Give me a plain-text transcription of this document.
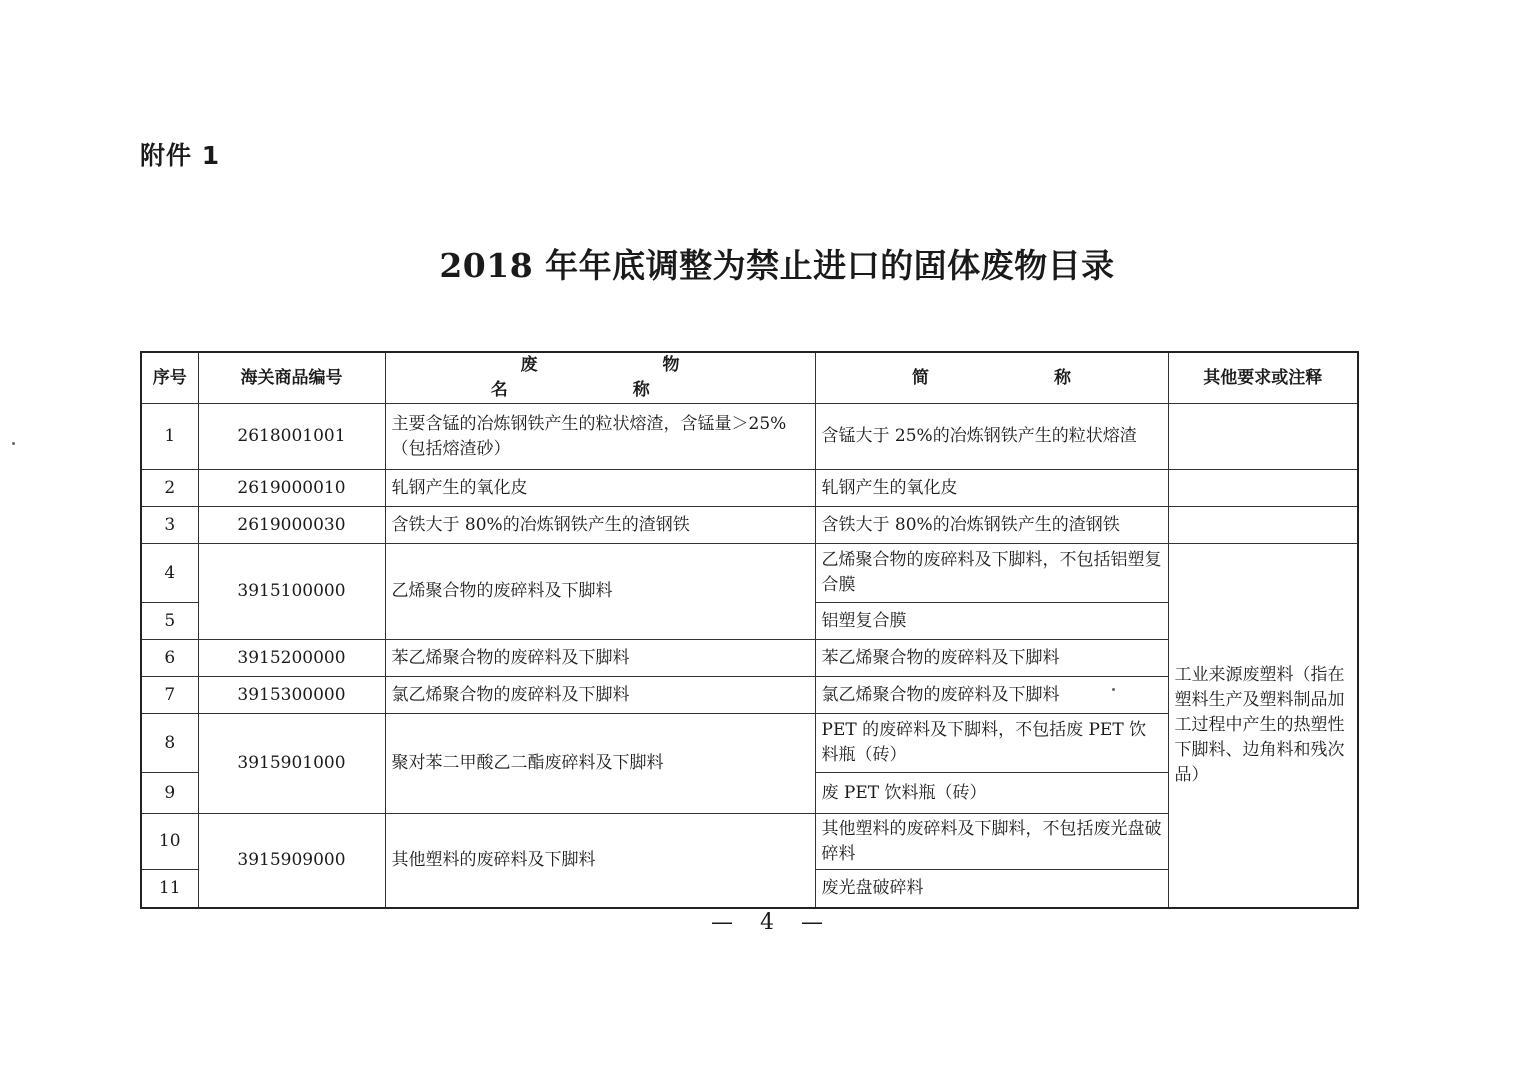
附件 1
2018 年年底调整为禁止进口的固体废物目录
序号	海关商品编号	废 物 名 称	简 称	其他要求或注释
1	2618001001	主要含锰的冶炼钢铁产生的粒状熔渣，含锰量＞25%（包括熔渣砂）	含锰大于 25%的冶炼钢铁产生的粒状熔渣	
2	2619000010	轧钢产生的氧化皮	轧钢产生的氧化皮	
3	2619000030	含铁大于 80%的冶炼钢铁产生的渣钢铁	含铁大于 80%的冶炼钢铁产生的渣钢铁	
4	3915100000	乙烯聚合物的废碎料及下脚料	乙烯聚合物的废碎料及下脚料，不包括铝塑复合膜	工业来源废塑料（指在塑料生产及塑料制品加工过程中产生的热塑性下脚料、边角料和残次品）
5			铝塑复合膜	
6	3915200000	苯乙烯聚合物的废碎料及下脚料	苯乙烯聚合物的废碎料及下脚料	
7	3915300000	氯乙烯聚合物的废碎料及下脚料	氯乙烯聚合物的废碎料及下脚料	
8	3915901000	聚对苯二甲酸乙二酯废碎料及下脚料	PET 的废碎料及下脚料，不包括废 PET 饮料瓶（砖）	
9			废 PET 饮料瓶（砖）	
10	3915909000	其他塑料的废碎料及下脚料	其他塑料的废碎料及下脚料，不包括废光盘破碎料	
11			废光盘破碎料	
— 4 —
